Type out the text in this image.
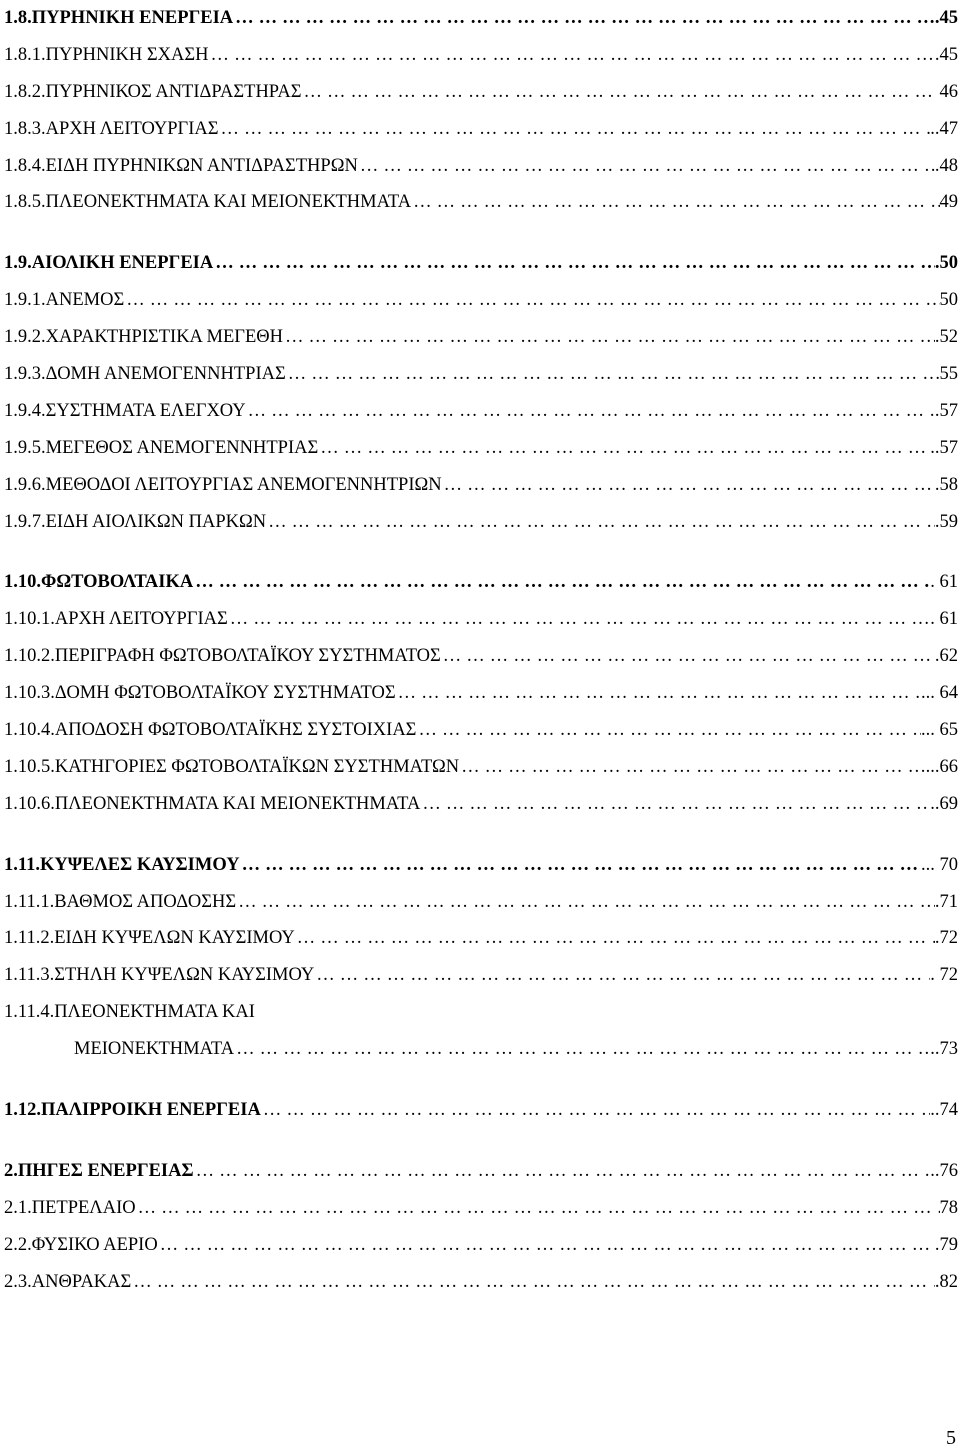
1.8.ΠΥΡΗΝΙΚΗ ΕΝΕΡΓΕΙΑ ……………………………………………………………………………………………………………………………………………………………………………………………………	.45
1.8.1.ΠΥΡΗΝΙΚΗ ΣΧΑΣΗ ……………………………………………………………………………………………………………………………………………………………………………………………………	.45
1.8.2.ΠΥΡΗΝΙΚΟΣ ΑΝΤΙΔΡΑΣΤΗΡΑΣ ……………………………………………………………………………………………………………………………………………………………………………………………………	46
1.8.3.ΑΡΧΗ ΛΕΙΤΟΥΡΓΙΑΣ ……………………………………………………………………………………………………………………………………………………………………………………………………	..47
1.8.4.ΕΙΔΗ ΠΥΡΗΝΙΚΩΝ ΑΝΤΙΔΡΑΣΤΗΡΩΝ ……………………………………………………………………………………………………………………………………………………………………………………………………	.48
1.8.5.ΠΛΕΟΝΕΚΤΗΜΑΤΑ ΚΑΙ ΜΕΙΟΝΕΚΤΗΜΑΤΑ ……………………………………………………………………………………………………………………………………………………………………………………………………	49
1.9.ΑΙΟΛΙΚΗ ΕΝΕΡΓΕΙΑ ……………………………………………………………………………………………………………………………………………………………………………………………………	.50
1.9.1.ΑΝΕΜΟΣ ……………………………………………………………………………………………………………………………………………………………………………………………………	50
1.9.2.ΧΑΡΑΚΤΗΡΙΣΤΙΚΑ ΜΕΓΕΘΗ ……………………………………………………………………………………………………………………………………………………………………………………………………	.52
1.9.3.ΔΟΜΗ ΑΝΕΜΟΓΕΝΝΗΤΡΙΑΣ ……………………………………………………………………………………………………………………………………………………………………………………………………	55
1.9.4.ΣΥΣΤΗΜΑΤΑ ΕΛΕΓΧΟΥ ……………………………………………………………………………………………………………………………………………………………………………………………………	.57
1.9.5.ΜΕΓΕΘΟΣ ΑΝΕΜΟΓΕΝΝΗΤΡΙΑΣ ……………………………………………………………………………………………………………………………………………………………………………………………………	..57
1.9.6.ΜΕΘΟΔΟΙ ΛΕΙΤΟΥΡΓΙΑΣ ΑΝΕΜΟΓΕΝΝΗΤΡΙΩΝ ……………………………………………………………………………………………………………………………………………………………………………………………………	.58
1.9.7.ΕΙΔΗ ΑΙΟΛΙΚΩΝ ΠΑΡΚΩΝ ……………………………………………………………………………………………………………………………………………………………………………………………………	.59
1.10.ΦΩΤΟΒΟΛΤΑΙΚΑ ……………………………………………………………………………………………………………………………………………………………………………………………………	. 61
1.10.1.ΑΡΧΗ ΛΕΙΤΟΥΡΓΙΑΣ ……………………………………………………………………………………………………………………………………………………………………………………………………	. 61
1.10.2.ΠΕΡΙΓΡΑΦΗ ΦΩΤΟΒΟΛΤΑΪΚΟΥ ΣΥΣΤΗΜΑΤΟΣ ……………………………………………………………………………………………………………………………………………………………………………………………………	.62
1.10.3.ΔΟΜΗ ΦΩΤΟΒΟΛΤΑΪΚΟΥ ΣΥΣΤΗΜΑΤΟΣ ……………………………………………………………………………………………………………………………………………………………………………………………………	... 64
1.10.4.ΑΠΟΔΟΣΗ ΦΩΤΟΒΟΛΤΑΪΚΗΣ ΣΥΣΤΟΙΧΙΑΣ ……………………………………………………………………………………………………………………………………………………………………………………………………	... 65
1.10.5.ΚΑΤΗΓΟΡΙΕΣ ΦΩΤΟΒΟΛΤΑΪΚΩΝ ΣΥΣΤΗΜΑΤΩΝ ……………………………………………………………………………………………………………………………………………………………………………………………………	...66
1.10.6.ΠΛΕΟΝΕΚΤΗΜΑΤΑ ΚΑΙ ΜΕΙΟΝΕΚΤΗΜΑΤΑ ……………………………………………………………………………………………………………………………………………………………………………………………………	..69
1.11.ΚΥΨΕΛΕΣ ΚΑΥΣΙΜΟΥ ……………………………………………………………………………………………………………………………………………………………………………………………………	... 70
1.11.1.ΒΑΘΜΟΣ ΑΠΟΔΟΣΗΣ ……………………………………………………………………………………………………………………………………………………………………………………………………	.71
1.11.2.ΕΙΔΗ ΚΥΨΕΛΩΝ ΚΑΥΣΙΜΟΥ ……………………………………………………………………………………………………………………………………………………………………………………………………	.72
1.11.3.ΣΤΗΛΗ ΚΥΨΕΛΩΝ ΚΑΥΣΙΜΟΥ ……………………………………………………………………………………………………………………………………………………………………………………………………	. 72
1.11.4.ΠΛΕΟΝΕΚΤΗΜΑΤΑ ΚΑΙ
ΜΕΙΟΝΕΚΤΗΜΑΤΑ ……………………………………………………………………………………………………………………………………………………………………………………………………	..73
1.12.ΠΑΛΙΡΡΟΙΚΗ ΕΝΕΡΓΕΙΑ ……………………………………………………………………………………………………………………………………………………………………………………………………	..74
2.ΠΗΓΕΣ ΕΝΕΡΓΕΙΑΣ ……………………………………………………………………………………………………………………………………………………………………………………………………	..76
2.1.ΠΕΤΡΕΛΑΙΟ ……………………………………………………………………………………………………………………………………………………………………………………………………	78
2.2.ΦΥΣΙΚΟ ΑΕΡΙΟ ……………………………………………………………………………………………………………………………………………………………………………………………………	.79
2.3.ΑΝΘΡΑΚΑΣ ……………………………………………………………………………………………………………………………………………………………………………………………………	.82
5
